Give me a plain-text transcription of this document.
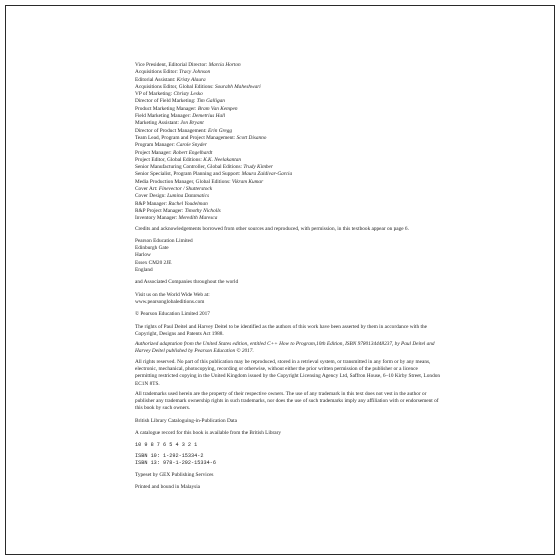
Vice President, Editorial Director: Marcia Horton
Acquisitions Editor: Tracy Johnson
Editorial Assistant: Kristy Alaura
Acquisitions Editor, Global Editions: Sourabh Maheshwari
VP of Marketing: Christy Lesko
Director of Field Marketing: Tim Galligan
Product Marketing Manager: Bram Van Kempen
Field Marketing Manager: Demetrius Hall
Marketing Assistant: Jon Bryant
Director of Product Management: Erin Gregg
Team Lead, Program and Project Management: Scott Disanno
Program Manager: Carole Snyder
Project Manager: Robert Engelhardt
Project Editor, Global Editions: K.K. Neelakantan
Senior Manufacturing Controller, Global Editions: Trudy Kimber
Senior Specialist, Program Planning and Support: Maura Zaldivar-Garcia
Media Production Manager, Global Editions: Vikram Kumar
Cover Art: Finevector / Shutterstock
Cover Design: Lumina Datamatics
R&P Manager: Rachel Youdelman
R&P Project Manager: Timothy Nicholls
Inventory Manager: Meredith Maresca
Credits and acknowledgements borrowed from other sources and reproduced, with permission, in this textbook appear on page 6.
Pearson Education Limited
Edinburgh Gate
Harlow
Essex CM20 2JE
England
and Associated Companies throughout the world
Visit us on the World Wide Web at:
www.pearsonglobaleditions.com
© Pearson Education Limited 2017
The rights of Paul Deitel and Harvey Deitel to be identified as the authors of this work have been asserted by them in accordance with the Copyright, Designs and Patents Act 1988.
Authorized adaptation from the United States edition, entitled C++ How to Program,10th Edition, ISBN 9780134448237, by Paul Deitel and Harvey Deitel published by Pearson Education © 2017.
All rights reserved. No part of this publication may be reproduced, stored in a retrieval system, or transmitted in any form or by any means, electronic, mechanical, photocopying, recording or otherwise, without either the prior written permission of the publisher or a licence permitting restricted copying in the United Kingdom issued by the Copyright Licensing Agency Ltd, Saffron House, 6–10 Kirby Street, London EC1N 8TS.
All trademarks used herein are the property of their respective owners. The use of any trademark in this text does not vest in the author or publisher any trademark ownership rights in such trademarks, nor does the use of such trademarks imply any affiliation with or endorsement of this book by such owners.
British Library Cataloguing-in-Publication Data
A catalogue record for this book is available from the British Library
10 9 8 7 6 5 4 3 2 1
ISBN 10: 1-292-15334-2
ISBN 13: 978-1-292-15334-6
Typeset by GEX Publishing Services
Printed and bound in Malaysia
